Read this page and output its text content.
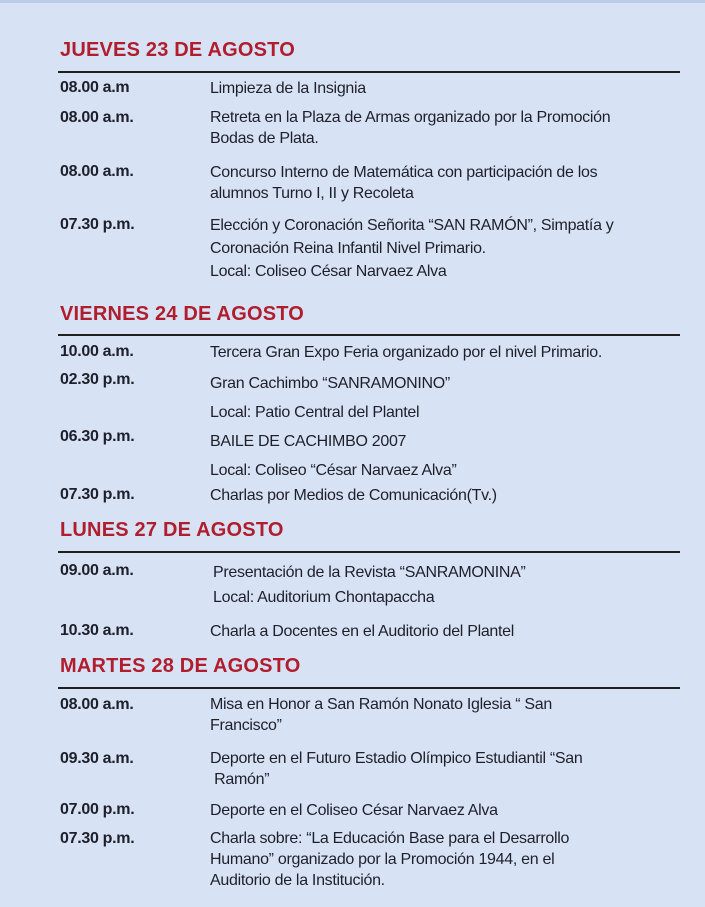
JUEVES 23 DE AGOSTO
08.00 a.m	Limpieza de la Insignia
08.00 a.m.	Retreta en la Plaza de Armas organizado por la Promoción
Bodas de Plata.
08.00 a.m.	Concurso Interno de Matemática con participación de los
alumnos Turno I, II y Recoleta
07.30 p.m.	Elección y Coronación Señorita “SAN RAMÓN”, Simpatía y
Coronación Reina Infantil Nivel Primario.
Local: Coliseo César Narvaez Alva
VIERNES 24 DE AGOSTO
10.00 a.m.	Tercera Gran Expo Feria organizado por el nivel Primario.
02.30 p.m.	Gran Cachimbo “SANRAMONINO”
Local: Patio Central del Plantel
06.30 p.m.	BAILE DE CACHIMBO 2007
Local: Coliseo “César Narvaez Alva”
07.30 p.m.	Charlas por Medios de Comunicación(Tv.)
LUNES 27 DE AGOSTO
09.00 a.m.	Presentación de la Revista “SANRAMONINA”
Local: Auditorium Chontapaccha
10.30 a.m.	Charla a Docentes en el Auditorio del Plantel
MARTES 28 DE AGOSTO
08.00 a.m.	Misa en Honor a San Ramón Nonato Iglesia “ San
Francisco”
09.30 a.m.	Deporte en el Futuro Estadio Olímpico Estudiantil “San
Ramón”
07.00 p.m.	Deporte en el Coliseo César Narvaez Alva
07.30 p.m.	Charla sobre: “La Educación Base para el Desarrollo
Humano” organizado por la Promoción 1944, en el
Auditorio de la Institución.
